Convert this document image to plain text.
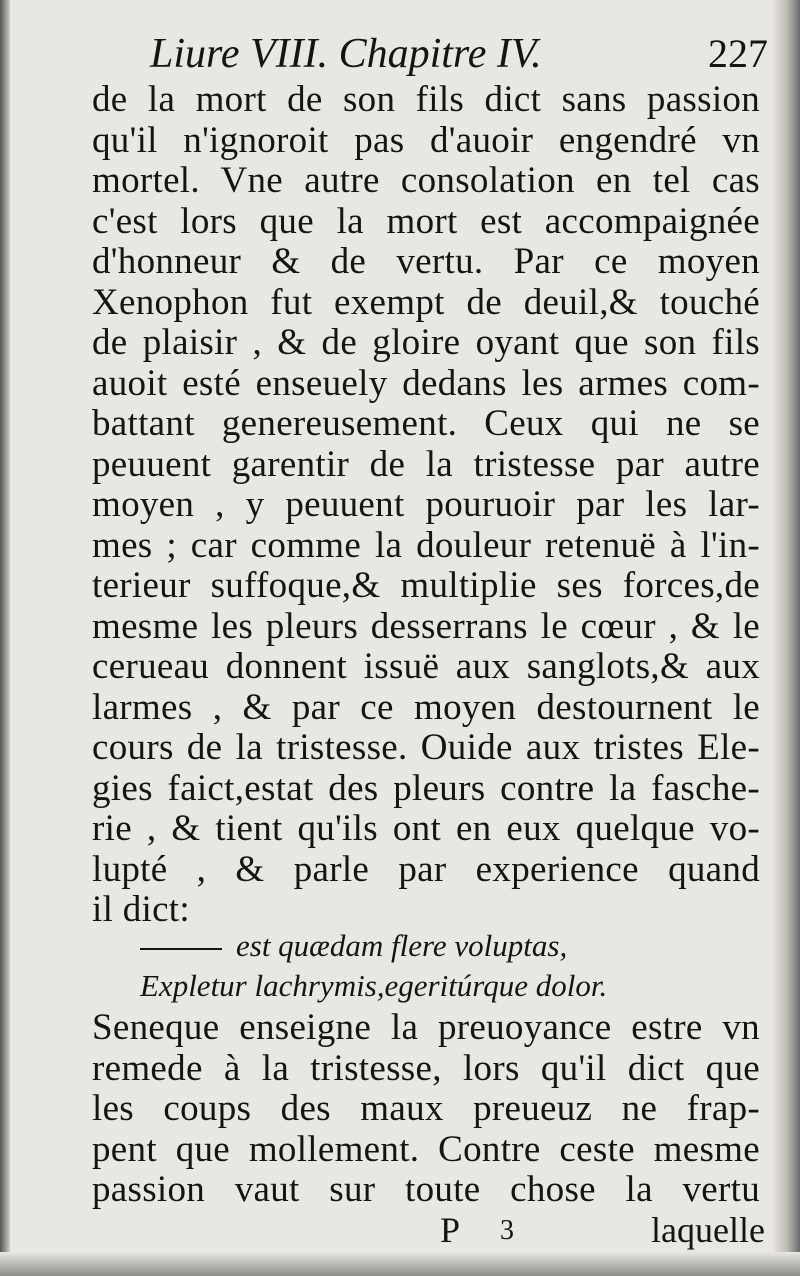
Liure VIII. Chapitre IV.	227
de la mort de son fils dict sans passion
qu'il n'ignoroit pas d'auoir engendré vn
mortel. Vne autre consolation en tel cas
c'est lors que la mort est accompaignée
d'honneur & de vertu. Par ce moyen
Xenophon fut exempt de deuil,& touché
de plaisir , & de gloire oyant que son fils
auoit esté enseuely dedans les armes com-
battant genereusement. Ceux qui ne se
peuuent garentir de la tristesse par autre
moyen , y peuuent pouruoir par les lar-
mes ; car comme la douleur retenuë à l'in-
terieur suffoque,& multiplie ses forces,de
mesme les pleurs desserrans le cœur , & le
cerueau donnent issuë aux sanglots,& aux
larmes , & par ce moyen destournent le
cours de la tristesse. Ouide aux tristes Ele-
gies faict,estat des pleurs contre la fasche-
rie , & tient qu'ils ont en eux quelque vo-
lupté , & parle par experience quand
il dict:
est quædam flere voluptas,
Expletur lachrymis,egeritúrque dolor.
Seneque enseigne la preuoyance estre vn
remede à la tristesse, lors qu'il dict que
les coups des maux preueuz ne frap-
pent que mollement. Contre ceste mesme
passion vaut sur toute chose la vertu
P 3	laquelle
